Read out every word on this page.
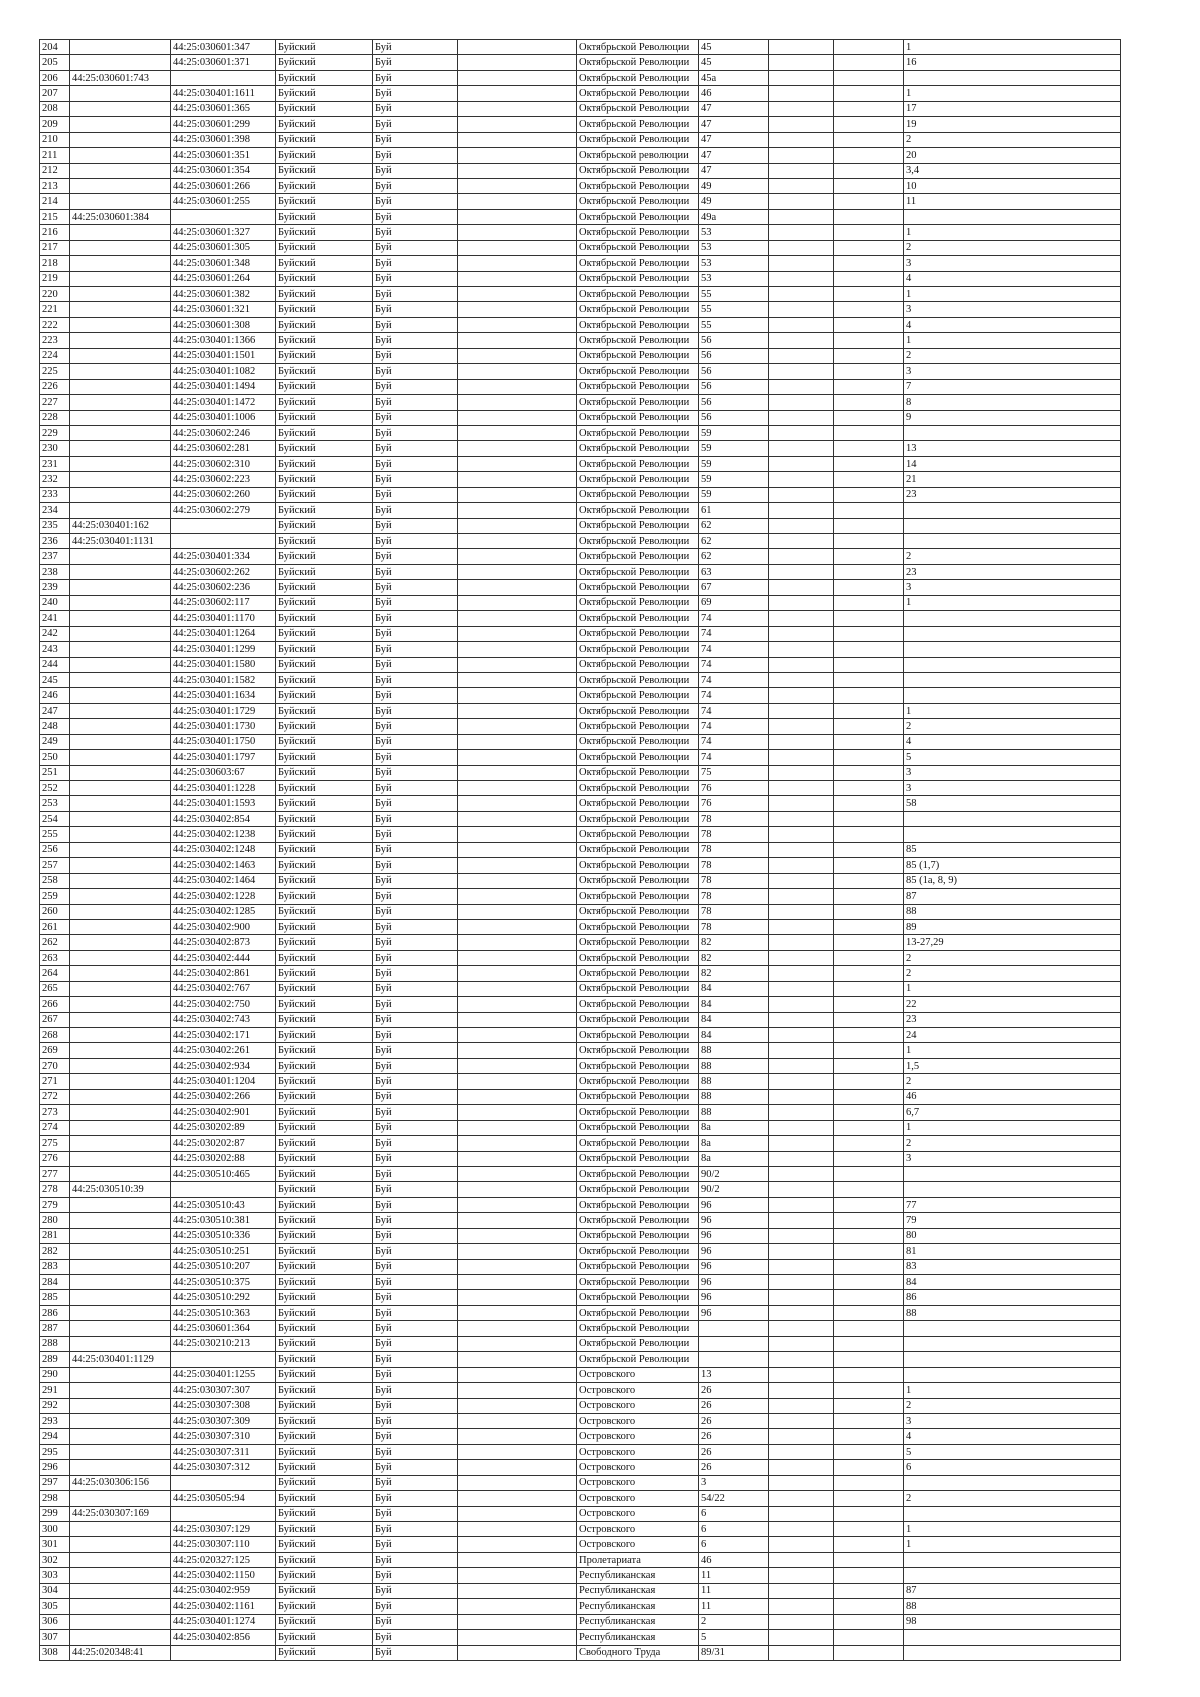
204		44:25:030601:347	Буйский	Буй		Октябрьской Революции	45			1
205		44:25:030601:371	Буйский	Буй		Октябрьской Революции	45			16
206	44:25:030601:743		Буйский	Буй		Октябрьской Революции	45а			
207		44:25:030401:1611	Буйский	Буй		Октябрьской Революции	46			1
208		44:25:030601:365	Буйский	Буй		Октябрьской Революции	47			17
209		44:25:030601:299	Буйский	Буй		Октябрьской Революции	47			19
210		44:25:030601:398	Буйский	Буй		Октябрьской Революции	47			2
211		44:25:030601:351	Буйский	Буй		Октябрьской революции	47			20
212		44:25:030601:354	Буйский	Буй		Октябрьской Революции	47			3,4
213		44:25:030601:266	Буйский	Буй		Октябрьской Революции	49			10
214		44:25:030601:255	Буйский	Буй		Октябрьской Революции	49			11
215	44:25:030601:384		Буйский	Буй		Октябрьской Революции	49а			
216		44:25:030601:327	Буйский	Буй		Октябрьской Революции	53			1
217		44:25:030601:305	Буйский	Буй		Октябрьской Революции	53			2
218		44:25:030601:348	Буйский	Буй		Октябрьской Революции	53			3
219		44:25:030601:264	Буйский	Буй		Октябрьской Революции	53			4
220		44:25:030601:382	Буйский	Буй		Октябрьской Революции	55			1
221		44:25:030601:321	Буйский	Буй		Октябрьской Революции	55			3
222		44:25:030601:308	Буйский	Буй		Октябрьской Революции	55			4
223		44:25:030401:1366	Буйский	Буй		Октябрьской Революции	56			1
224		44:25:030401:1501	Буйский	Буй		Октябрьской Революции	56			2
225		44:25:030401:1082	Буйский	Буй		Октябрьской Революции	56			3
226		44:25:030401:1494	Буйский	Буй		Октябрьской Революции	56			7
227		44:25:030401:1472	Буйский	Буй		Октябрьской Революции	56			8
228		44:25:030401:1006	Буйский	Буй		Октябрьской Революции	56			9
229		44:25:030602:246	Буйский	Буй		Октябрьской Революции	59			
230		44:25:030602:281	Буйский	Буй		Октябрьской Революции	59			13
231		44:25:030602:310	Буйский	Буй		Октябрьской Революции	59			14
232		44:25:030602:223	Буйский	Буй		Октябрьской Революции	59			21
233		44:25:030602:260	Буйский	Буй		Октябрьской Революции	59			23
234		44:25:030602:279	Буйский	Буй		Октябрьской Революции	61			
235	44:25:030401:162		Буйский	Буй		Октябрьской Революции	62			
236	44:25:030401:1131		Буйский	Буй		Октябрьской Революции	62			
237		44:25:030401:334	Буйский	Буй		Октябрьской Революции	62			2
238		44:25:030602:262	Буйский	Буй		Октябрьской Революции	63			23
239		44:25:030602:236	Буйский	Буй		Октябрьской Революции	67			3
240		44:25:030602:117	Буйский	Буй		Октябрьской Революции	69			1
241		44:25:030401:1170	Буйский	Буй		Октябрьской Революции	74			
242		44:25:030401:1264	Буйский	Буй		Октябрьской Революции	74			
243		44:25:030401:1299	Буйский	Буй		Октябрьской Революции	74			
244		44:25:030401:1580	Буйский	Буй		Октябрьской Революции	74			
245		44:25:030401:1582	Буйский	Буй		Октябрьской Революции	74			
246		44:25:030401:1634	Буйский	Буй		Октябрьской Революции	74			
247		44:25:030401:1729	Буйский	Буй		Октябрьской Революции	74			1
248		44:25:030401:1730	Буйский	Буй		Октябрьской Революции	74			2
249		44:25:030401:1750	Буйский	Буй		Октябрьской Революции	74			4
250		44:25:030401:1797	Буйский	Буй		Октябрьской Революции	74			5
251		44:25:030603:67	Буйский	Буй		Октябрьской Революции	75			3
252		44:25:030401:1228	Буйский	Буй		Октябрьской Революции	76			3
253		44:25:030401:1593	Буйский	Буй		Октябрьской Революции	76			58
254		44:25:030402:854	Буйский	Буй		Октябрьской Революции	78			
255		44:25:030402:1238	Буйский	Буй		Октябрьской Революции	78			
256		44:25:030402:1248	Буйский	Буй		Октябрьской Революции	78			85
257		44:25:030402:1463	Буйский	Буй		Октябрьской Революции	78			85 (1,7)
258		44:25:030402:1464	Буйский	Буй		Октябрьской Революции	78			85 (1а, 8, 9)
259		44:25:030402:1228	Буйский	Буй		Октябрьской Революции	78			87
260		44:25:030402:1285	Буйский	Буй		Октябрьской Революции	78			88
261		44:25:030402:900	Буйский	Буй		Октябрьской Революции	78			89
262		44:25:030402:873	Буйский	Буй		Октябрьской Революции	82			13-27,29
263		44:25:030402:444	Буйский	Буй		Октябрьской Революции	82			2
264		44:25:030402:861	Буйский	Буй		Октябрьской Революции	82			2
265		44:25:030402:767	Буйский	Буй		Октябрьской Революции	84			1
266		44:25:030402:750	Буйский	Буй		Октябрьской Революции	84			22
267		44:25:030402:743	Буйский	Буй		Октябрьской Революции	84			23
268		44:25:030402:171	Буйский	Буй		Октябрьской Революции	84			24
269		44:25:030402:261	Буйский	Буй		Октябрьской Революции	88			1
270		44:25:030402:934	Буйский	Буй		Октябрьской Революции	88			1,5
271		44:25:030401:1204	Буйский	Буй		Октябрьской Революции	88			2
272		44:25:030402:266	Буйский	Буй		Октябрьской Революции	88			46
273		44:25:030402:901	Буйский	Буй		Октябрьской Революции	88			6,7
274		44:25:030202:89	Буйский	Буй		Октябрьской Революции	8а			1
275		44:25:030202:87	Буйский	Буй		Октябрьской Революции	8а			2
276		44:25:030202:88	Буйский	Буй		Октябрьской Революции	8а			3
277		44:25:030510:465	Буйский	Буй		Октябрьской Революции	90/2			
278	44:25:030510:39		Буйский	Буй		Октябрьской Революции	90/2			
279		44:25:030510:43	Буйский	Буй		Октябрьской Революции	96			77
280		44:25:030510:381	Буйский	Буй		Октябрьской Революции	96			79
281		44:25:030510:336	Буйский	Буй		Октябрьской Революции	96			80
282		44:25:030510:251	Буйский	Буй		Октябрьской Революции	96			81
283		44:25:030510:207	Буйский	Буй		Октябрьской Революции	96			83
284		44:25:030510:375	Буйский	Буй		Октябрьской Революции	96			84
285		44:25:030510:292	Буйский	Буй		Октябрьской Революции	96			86
286		44:25:030510:363	Буйский	Буй		Октябрьской Революции	96			88
287		44:25:030601:364	Буйский	Буй		Октябрьской Революции				
288		44:25:030210:213	Буйский	Буй		Октябрьской Революции				
289	44:25:030401:1129		Буйский	Буй		Октябрьской Революции				
290		44:25:030401:1255	Буйский	Буй		Островского	13			
291		44:25:030307:307	Буйский	Буй		Островского	26			1
292		44:25:030307:308	Буйский	Буй		Островского	26			2
293		44:25:030307:309	Буйский	Буй		Островского	26			3
294		44:25:030307:310	Буйский	Буй		Островского	26			4
295		44:25:030307:311	Буйский	Буй		Островского	26			5
296		44:25:030307:312	Буйский	Буй		Островского	26			6
297	44:25:030306:156		Буйский	Буй		Островского	3			
298		44:25:030505:94	Буйский	Буй		Островского	54/22			2
299	44:25:030307:169		Буйский	Буй		Островского	6			
300		44:25:030307:129	Буйский	Буй		Островского	6			1
301		44:25:030307:110	Буйский	Буй		Островского	6			1
302		44:25:020327:125	Буйский	Буй		Пролетариата	46			
303		44:25:030402:1150	Буйский	Буй		Республиканская	11			
304		44:25:030402:959	Буйский	Буй		Республиканская	11			87
305		44:25:030402:1161	Буйский	Буй		Республиканская	11			88
306		44:25:030401:1274	Буйский	Буй		Республиканская	2			98
307		44:25:030402:856	Буйский	Буй		Республиканская	5			
308	44:25:020348:41		Буйский	Буй		Свободного Труда	89/31			
